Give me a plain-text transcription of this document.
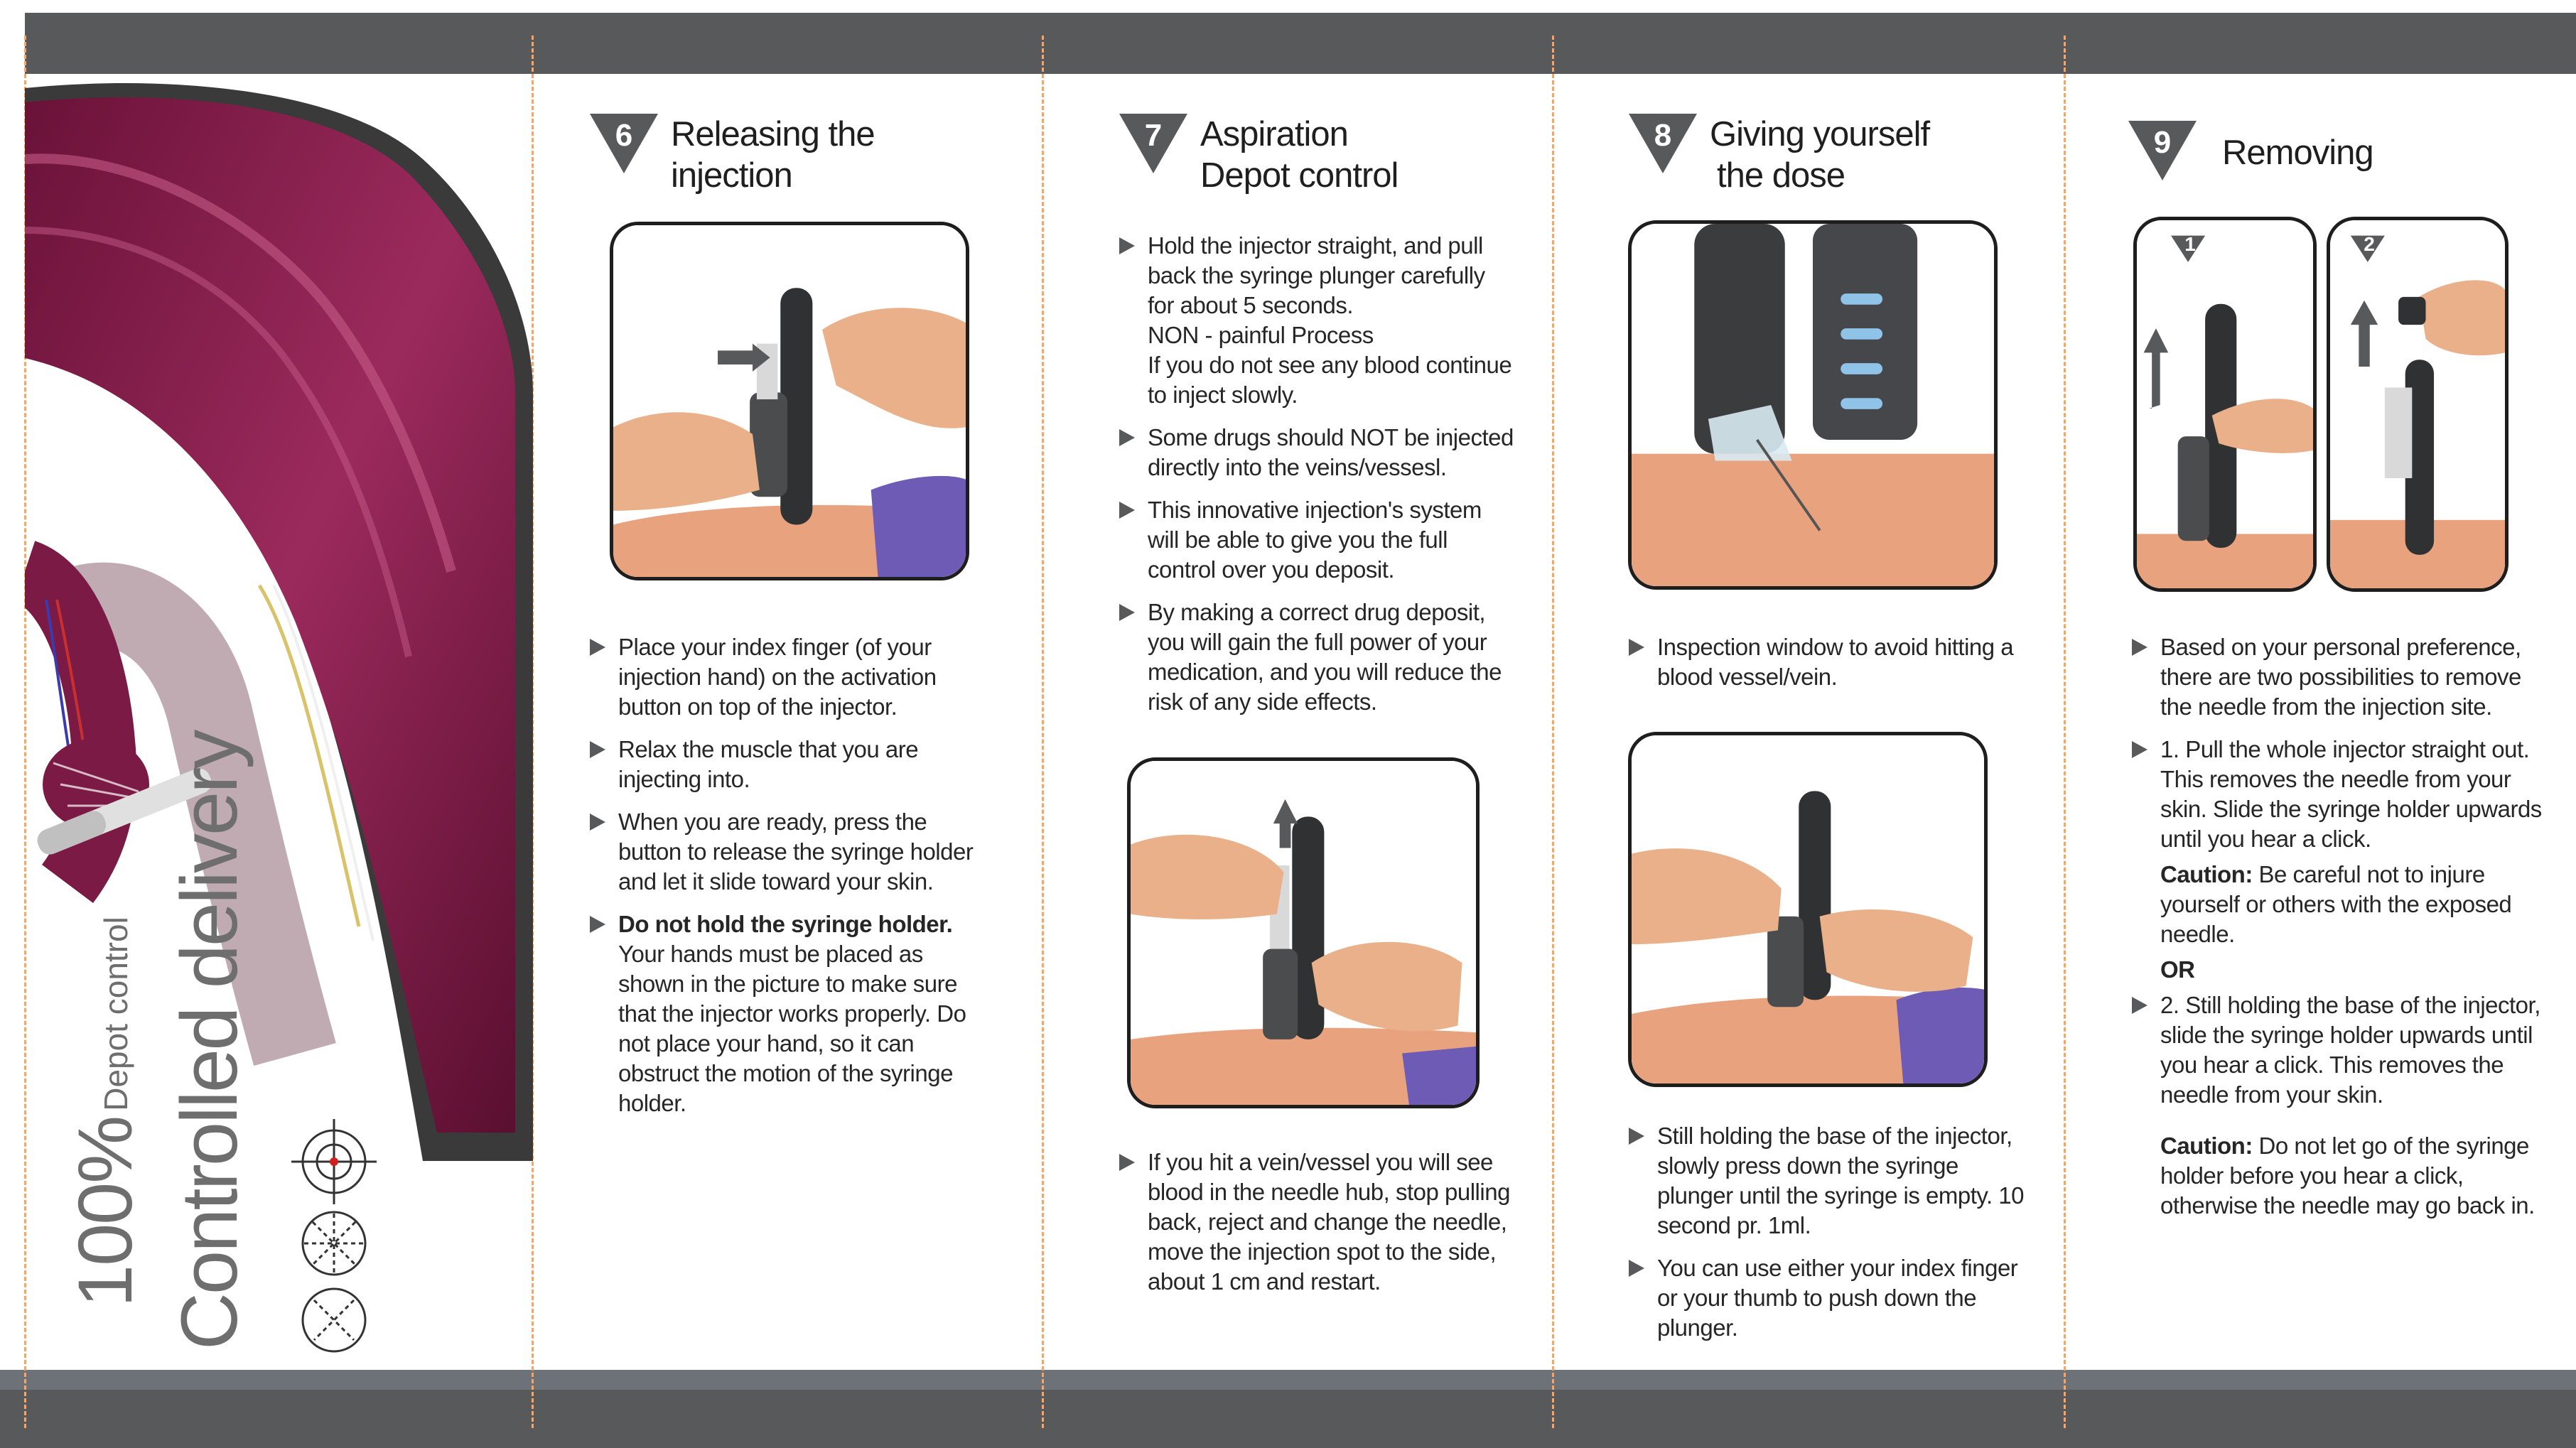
100%Depot control Controlled delivery
6	Releasing the
injection
Place your index finger (of your injection hand) on the activation button on top of the injector.
Relax the muscle that you are injecting into.
When you are ready, press the button to release the syringe holder and let it slide toward your skin.
Do not hold the syringe holder.
Your hands must be placed as shown in the picture to make sure that the injector works properly. Do not place your hand, so it can obstruct the motion of the syringe holder.
7	Aspiration
Depot control
Hold the injector straight, and pull back the syringe plunger carefully for about 5 seconds.
NON - painful Process
If you do not see any blood continue to inject slowly.
Some drugs should NOT be injected directly into the veins/vessesl.
This innovative injection's system will be able to give you the full control over you deposit.
By making a correct drug deposit, you will gain the full power of your medication, and you will reduce the risk of any side effects.
If you hit a vein/vessel you will see blood in the needle hub, stop pulling back, reject and change the needle, move the injection spot to the side, about 1 cm and restart.
8	Giving yourself
the dose
Inspection window to avoid hitting a blood vessel/vein.
Still holding the base of the injector, slowly press down the syringe plunger until the syringe is empty. 10 second pr. 1ml.
You can use either your index finger or your thumb to push down the plunger.
9	Removing
1	2
Based on your personal preference, there are two possibilities to remove the needle from the injection site.
1. Pull the whole injector straight out. This removes the needle from your skin. Slide the syringe holder upwards until you hear a click.
Caution: Be careful not to injure yourself or others with the exposed needle.
OR
2. Still holding the base of the injector, slide the syringe holder upwards until you hear a click. This removes the needle from your skin.
Caution: Do not let go of the syringe holder before you hear a click, otherwise the needle may go back in.
